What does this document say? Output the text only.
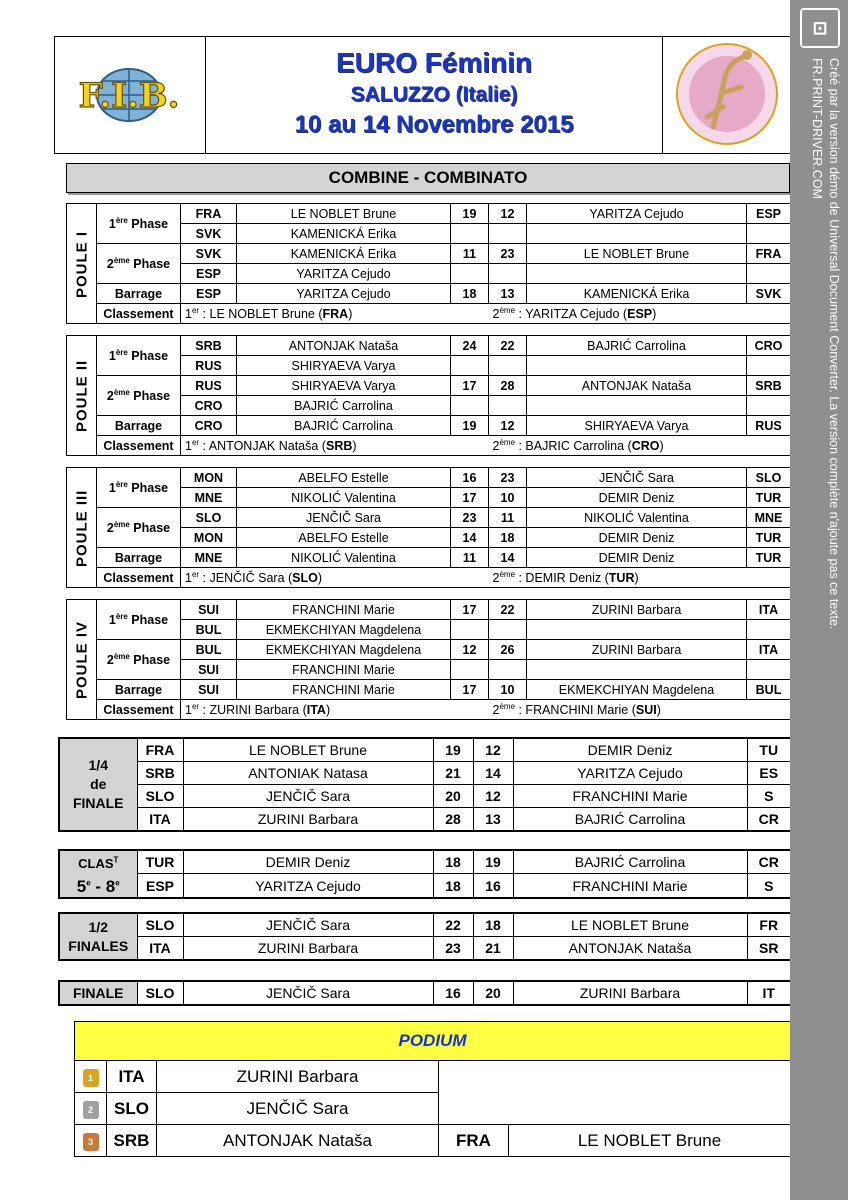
F.I.B.
EURO Féminin
SALUZZO (Italie)
10 au 14 Novembre 2015
COMBINE - COMBINATO
POULE I	1ère Phase	FRA	LE NOBLET Brune	19	12	YARITZA Cejudo	ESP
		SVK	KAMENICKÁ Erika				
	2ème Phase	SVK	KAMENICKÁ Erika	11	23	LE NOBLET Brune	FRA
		ESP	YARITZA Cejudo				
	Barrage	ESP	YARITZA Cejudo	18	13	KAMENICKÁ Erika	SVK
	Classement	1er : LE NOBLET Brune (FRA)			2ème : YARITZA Cejudo (ESP)		
POULE II	1ère Phase	SRB	ANTONJAK Nataša	24	22	BAJRIĆ Carrolina	CRO
		RUS	SHIRYAEVA Varya				
	2ème Phase	RUS	SHIRYAEVA Varya	17	28	ANTONJAK Nataša	SRB
		CRO	BAJRIĆ Carrolina				
	Barrage	CRO	BAJRIĆ Carrolina	19	12	SHIRYAEVA Varya	RUS
	Classement	1er : ANTONJAK Nataša (SRB)			2ème : BAJRIC Carrolina (CRO)		
POULE III	1ère Phase	MON	ABELFO Estelle	16	23	JENČIČ Sara	SLO
		MNE	NIKOLIĆ Valentina	17	10	DEMIR Deniz	TUR
	2ème Phase	SLO	JENČIČ Sara	23	11	NIKOLIĆ Valentina	MNE
		MON	ABELFO Estelle	14	18	DEMIR Deniz	TUR
	Barrage	MNE	NIKOLIĆ Valentina	11	14	DEMIR Deniz	TUR
	Classement	1er : JENČIČ Sara (SLO)			2ème : DEMIR Deniz (TUR)		
POULE IV	1ère Phase	SUI	FRANCHINI Marie	17	22	ZURINI Barbara	ITA
		BUL	EKMEKCHIYAN Magdelena				
	2ème Phase	BUL	EKMEKCHIYAN Magdelena	12	26	ZURINI Barbara	ITA
		SUI	FRANCHINI Marie				
	Barrage	SUI	FRANCHINI Marie	17	10	EKMEKCHIYAN Magdelena	BUL
	Classement	1er : ZURINI Barbara (ITA)			2ème : FRANCHINI Marie (SUI)		
1/4
de
FINALE	FRA	LE NOBLET Brune	19	12	DEMIR Deniz	TU
	SRB	ANTONIAK Natasa	21	14	YARITZA Cejudo	ES
	SLO	JENČIČ Sara	20	12	FRANCHINI Marie	S
	ITA	ZURINI Barbara	28	13	BAJRIĆ Carrolina	CR
$CLAS^T$
5e - 8e	TUR	DEMIR Deniz	18	19	BAJRIĆ Carrolina	CR
	ESP	YARITZA Cejudo	18	16	FRANCHINI Marie	S
1/2
FINALES	SLO	JENČIČ Sara	22	18	LE NOBLET Brune	FR
	ITA	ZURINI Barbara	23	21	ANTONJAK Nataša	SR
FINALE	SLO	JENČIČ Sara	16	20	ZURINI Barbara	IT
PODIUM				
1	ITA	ZURINI Barbara		
2	SLO	JENČIČ Sara		
3	SRB	ANTONJAK Nataša	FRA	LE NOBLET Brune
⊡
Créé par la version démo de Universal Document Converter. La version complète n'ajoute pas ce texte.
FR.PRINT-DRIVER.COM
